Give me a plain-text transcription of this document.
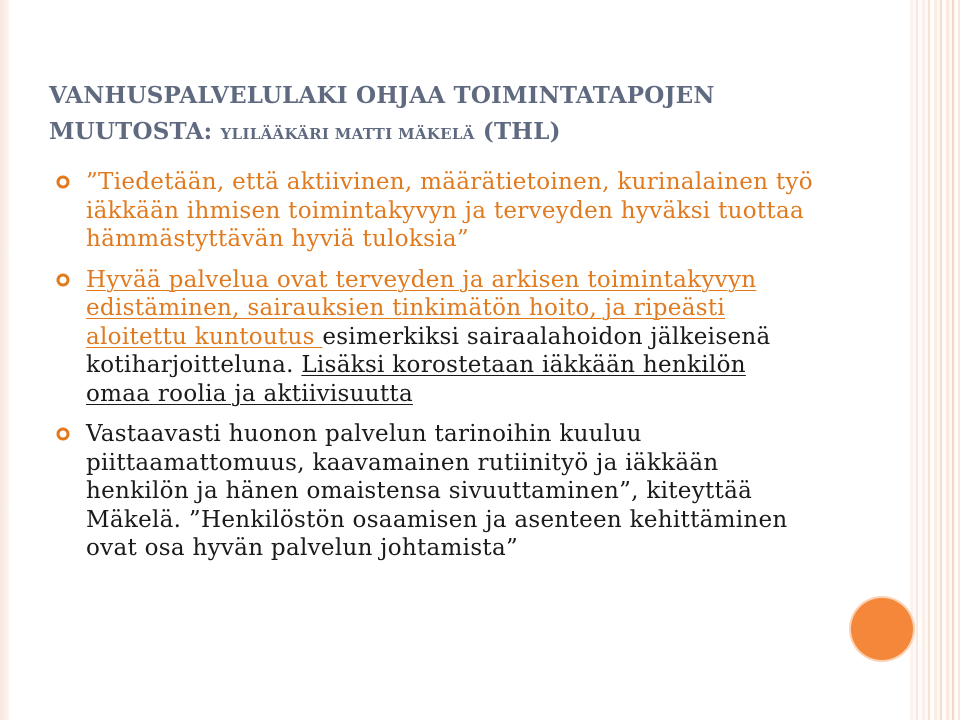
VANHUSPALVELULAKI OHJAA TOIMINTATAPOJEN
MUUTOSTA: YLILÄÄKÄRI MATTI MÄKELÄ (THL)
”Tiedetään, että aktiivinen, määrätietoinen, kurinalainen työ iäkkään ihmisen toimintakyvyn ja terveyden hyväksi tuottaa hämmästyttävän hyviä tuloksia”
Hyvää palvelua ovat terveyden ja arkisen toimintakyvyn edistäminen, sairauksien tinkimätön hoito, ja ripeästi aloitettu kuntoutus esimerkiksi sairaalahoidon jälkeisenä kotiharjoitteluna. Lisäksi korostetaan iäkkään henkilön omaa roolia ja aktiivisuutta
Vastaavasti huonon palvelun tarinoihin kuuluu piittaamattomuus, kaavamainen rutiinityö ja iäkkään henkilön ja hänen omaistensa sivuuttaminen”, kiteyttää Mäkelä. ”Henkilöstön osaamisen ja asenteen kehittäminen ovat osa hyvän palvelun johtamista”
